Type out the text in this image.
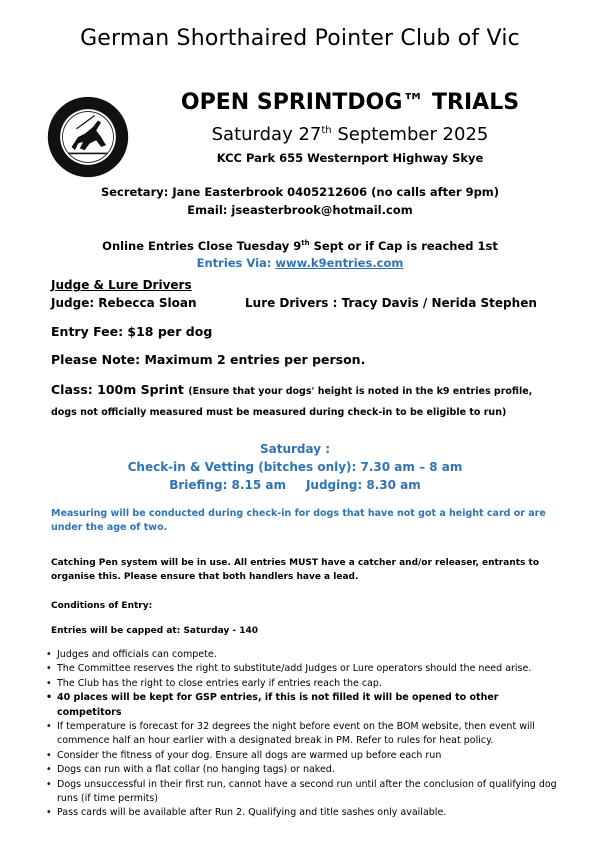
German Shorthaired Pointer Club of Vic
OPEN SPRINTDOG™ TRIALS
Saturday 27th September 2025
KCC Park 655 Westernport Highway Skye
Secretary: Jane Easterbrook 0405212606 (no calls after 9pm)
Email: jseasterbrook@hotmail.com
Online Entries Close Tuesday 9th Sept or if Cap is reached 1st
Entries Via: www.k9entries.com
Judge & Lure Drivers
Judge: Rebecca Sloan	Lure Drivers : Tracy Davis / Nerida Stephen
Entry Fee: $18 per dog
Please Note: Maximum 2 entries per person.
Class: 100m Sprint (Ensure that your dogs' height is noted in the k9 entries profile, dogs not officially measured must be measured during check-in to be eligible to run)
Saturday :
Check-in & Vetting (bitches only): 7.30 am – 8 am
Briefing: 8.15 am Judging: 8.30 am
Measuring will be conducted during check-in for dogs that have not got a height card or are under the age of two.
Catching Pen system will be in use. All entries MUST have a catcher and/or releaser, entrants to organise this. Please ensure that both handlers have a lead.
Conditions of Entry:
Entries will be capped at: Saturday - 140
• Judges and officials can compete.
• The Committee reserves the right to substitute/add Judges or Lure operators should the need arise.
• The Club has the right to close entries early if entries reach the cap.
• 40 places will be kept for GSP entries, if this is not filled it will be opened to other competitors
• If temperature is forecast for 32 degrees the night before event on the BOM website, then event will commence half an hour earlier with a designated break in PM. Refer to rules for heat policy.
• Consider the fitness of your dog. Ensure all dogs are warmed up before each run
• Dogs can run with a flat collar (no hanging tags) or naked.
• Dogs unsuccessful in their first run, cannot have a second run until after the conclusion of qualifying dog runs (if time permits)
• Pass cards will be available after Run 2. Qualifying and title sashes only available.
